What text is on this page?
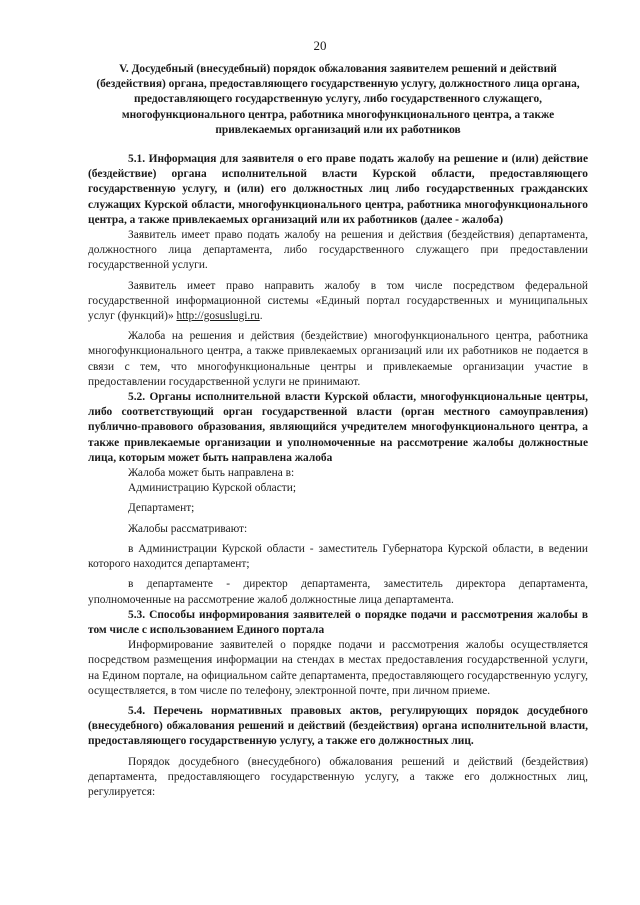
20
V. Досудебный (внесудебный) порядок обжалования заявителем решений и действий (бездействия) органа, предоставляющего государственную услугу, должностного лица органа, предоставляющего государственную услугу, либо государственного служащего, многофункционального центра, работника многофункционального центра, а также привлекаемых организаций или их работников

5.1. Информация для заявителя о его праве подать жалобу на решение и (или) действие (бездействие) органа исполнительной власти Курской области, предоставляющего государственную услугу, и (или) его должностных лиц либо государственных гражданских служащих Курской области, многофункционального центра, работника многофункционального центра, а также привлекаемых организаций или их работников (далее - жалоба)

Заявитель имеет право подать жалобу на решения и действия (бездействия) департамента, должностного лица департамента, либо государственного служащего при предоставлении государственной услуги.

Заявитель имеет право направить жалобу в том числе посредством федеральной государственной информационной системы «Единый портал государственных и муниципальных услуг (функций)» http://gosuslugi.ru.

Жалоба на решения и действия (бездействие) многофункционального центра, работника многофункционального центра, а также привлекаемых организаций или их работников не подается в связи с тем, что многофункциональные центры и привлекаемые организации участие в предоставлении государственной услуги не принимают.

5.2. Органы исполнительной власти Курской области, многофункциональные центры, либо соответствующий орган государственной власти (орган местного самоуправления) публично-правового образования, являющийся учредителем многофункционального центра, а также привлекаемые организации и уполномоченные на рассмотрение жалобы должностные лица, которым может быть направлена жалоба

Жалоба может быть направлена в:

Администрацию Курской области;

Департамент;

Жалобы рассматривают:

в Администрации Курской области - заместитель Губернатора Курской области, в ведении которого находится департамент;

в департаменте - директор департамента, заместитель директора департамента, уполномоченные на рассмотрение жалоб должностные лица департамента.

5.3. Способы информирования заявителей о порядке подачи и рассмотрения жалобы в том числе с использованием Единого портала

Информирование заявителей о порядке подачи и рассмотрения жалобы осуществляется посредством размещения информации на стендах в местах предоставления государственной услуги, на Едином портале, на официальном сайте департамента, предоставляющего государственную услугу, осуществляется, в том числе по телефону, электронной почте, при личном приеме.

5.4. Перечень нормативных правовых актов, регулирующих порядок досудебного (внесудебного) обжалования решений и действий (бездействия) органа исполнительной власти, предоставляющего государственную услугу, а также его должностных лиц.

Порядок досудебного (внесудебного) обжалования решений и действий (бездействия) департамента, предоставляющего государственную услугу, а также его должностных лиц, регулируется:
